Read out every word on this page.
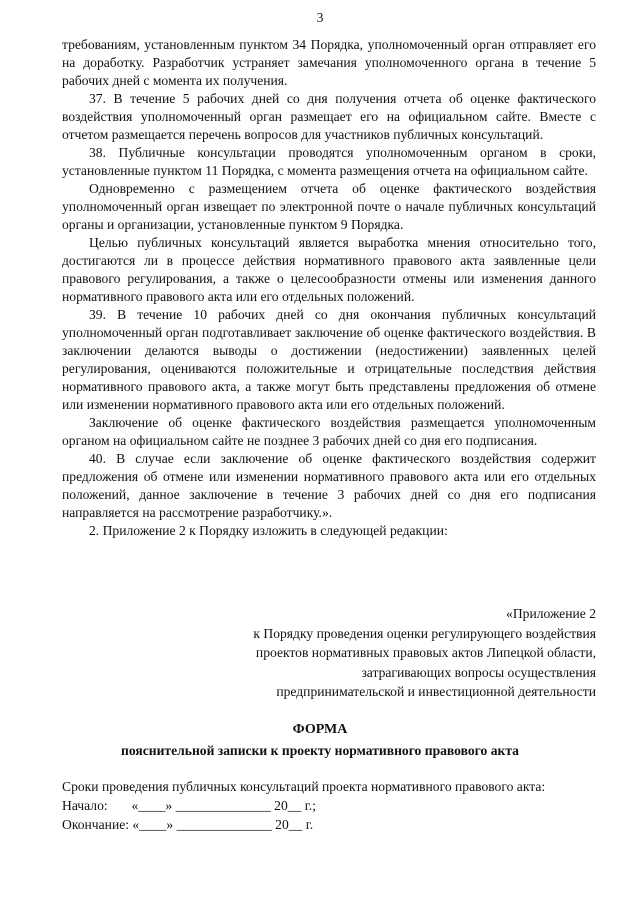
3

требованиям, установленным пунктом 34 Порядка, уполномоченный орган отправляет его на доработку. Разработчик устраняет замечания уполномоченного органа в течение 5 рабочих дней с момента их получения.

37. В течение 5 рабочих дней со дня получения отчета об оценке фактического воздействия уполномоченный орган размещает его на официальном сайте. Вместе с отчетом размещается перечень вопросов для участников публичных консультаций.

38. Публичные консультации проводятся уполномоченным органом в сроки, установленные пунктом 11 Порядка, с момента размещения отчета на официальном сайте.

Одновременно с размещением отчета об оценке фактического воздействия уполномоченный орган извещает по электронной почте о начале публичных консультаций органы и организации, установленные пунктом 9 Порядка.

Целью публичных консультаций является выработка мнения относительно того, достигаются ли в процессе действия нормативного правового акта заявленные цели правового регулирования, а также о целесообразности отмены или изменения данного нормативного правового акта или его отдельных положений.

39. В течение 10 рабочих дней со дня окончания публичных консультаций уполномоченный орган подготавливает заключение об оценке фактического воздействия. В заключении делаются выводы о достижении (недостижении) заявленных целей регулирования, оцениваются положительные и отрицательные последствия действия нормативного правового акта, а также могут быть представлены предложения об отмене или изменении нормативного правового акта или его отдельных положений.

Заключение об оценке фактического воздействия размещается уполномоченным органом на официальном сайте не позднее 3 рабочих дней со дня его подписания.

40. В случае если заключение об оценке фактического воздействия содержит предложения об отмене или изменении нормативного правового акта или его отдельных положений, данное заключение в течение 3 рабочих дней со дня его подписания направляется на рассмотрение разработчику.».

2. Приложение 2 к Порядку изложить в следующей редакции:

«Приложение 2
к Порядку проведения оценки регулирующего воздействия
проектов нормативных правовых актов Липецкой области,
затрагивающих вопросы осуществления
предпринимательской и инвестиционной деятельности
ФОРМА
пояснительной записки к проекту нормативного правового акта
Сроки проведения публичных консультаций проекта нормативного правового акта:
Начало:       «____» ______________ 20__ г.;
Окончание: «____» ______________ 20__ г.
